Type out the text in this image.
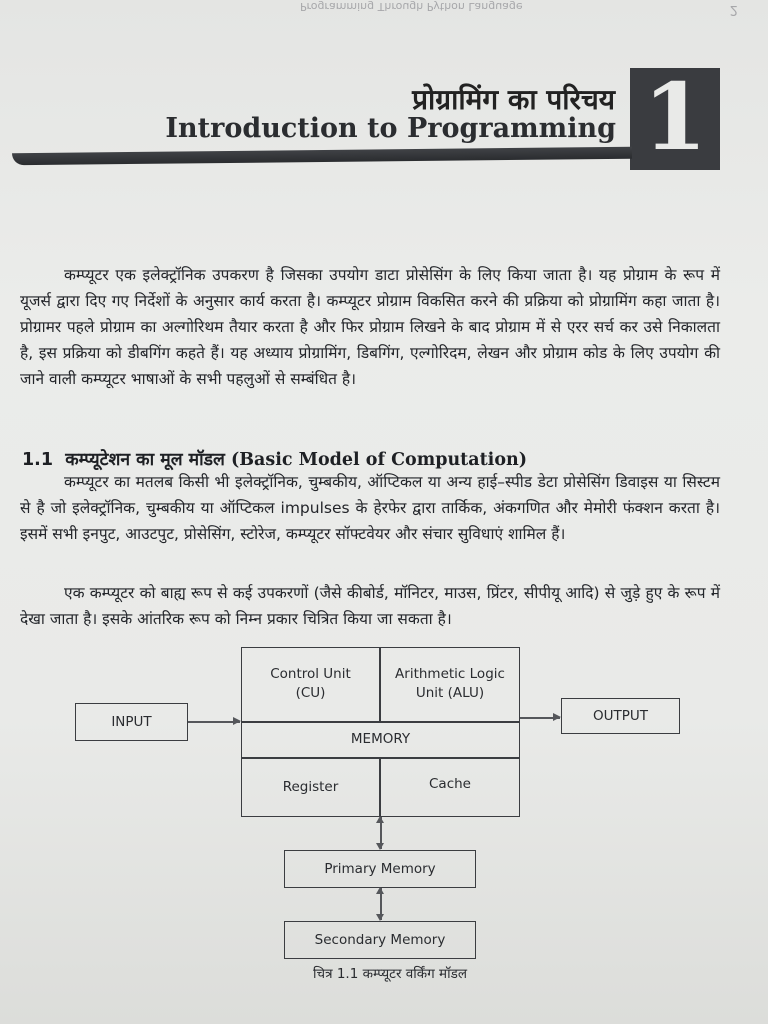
Programming Through Python Language	2
1
प्रोग्रामिंग का परिचय
Introduction to Programming
कम्प्यूटर एक इलेक्ट्रॉनिक उपकरण है जिसका उपयोग डाटा प्रोसेसिंग के लिए किया जाता है। यह प्रोग्राम के रूप में यूजर्स द्वारा दिए गए निर्देशों के अनुसार कार्य करता है। कम्प्यूटर प्रोग्राम विकसित करने की प्रक्रिया को प्रोग्रामिंग कहा जाता है। प्रोग्रामर पहले प्रोग्राम का अल्गोरिथम तैयार करता है और फिर प्रोग्राम लिखने के बाद प्रोग्राम में से एरर सर्च कर उसे निकालता है, इस प्रक्रिया को डीबगिंग कहते हैं। यह अध्याय प्रोग्रामिंग, डिबगिंग, एल्गोरिदम, लेखन और प्रोग्राम कोड के लिए उपयोग की जाने वाली कम्प्यूटर भाषाओं के सभी पहलुओं से सम्बंधित है।
1.1 कम्प्यूटेशन का मूल मॉडल (Basic Model of Computation)
कम्प्यूटर का मतलब किसी भी इलेक्ट्रॉनिक, चुम्बकीय, ऑप्टिकल या अन्य हाई–स्पीड डेटा प्रोसेसिंग डिवाइस या सिस्टम से है जो इलेक्ट्रॉनिक, चुम्बकीय या ऑप्टिकल impulses के हेरफेर द्वारा तार्किक, अंकगणित और मेमोरी फंक्शन करता है। इसमें सभी इनपुट, आउटपुट, प्रोसेसिंग, स्टोरेज, कम्प्यूटर सॉफ्टवेयर और संचार सुविधाएं शामिल हैं।
एक कम्प्यूटर को बाह्य रूप से कई उपकरणों (जैसे कीबोर्ड, मॉनिटर, माउस, प्रिंटर, सीपीयू आदि) से जुड़े हुए के रूप में देखा जाता है। इसके आंतरिक रूप को निम्न प्रकार चित्रित किया जा सकता है।
INPUT
Control Unit (CU)
Arithmetic Logic Unit (ALU)
MEMORY
Register	Cache
OUTPUT
Primary Memory
Secondary Memory
चित्र 1.1 कम्प्यूटर वर्किंग मॉडल
